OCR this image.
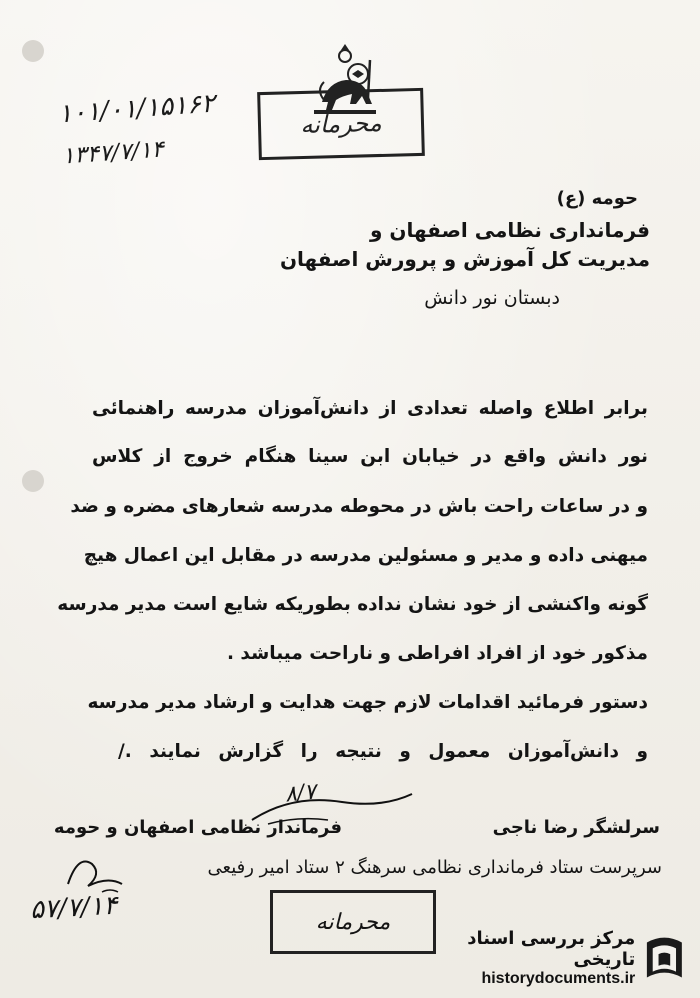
محرمانه
۱۰۱/۰۱/۱۵۱۶۲
۱۳۴۷/۷/۱۴
حومه (ع)
فرمانداری نظامی اصفهان و
مدیریت کل آموزش و پرورش اصفهان
دبستان نور دانش
برابر اطلاع واصله تعدادی از دانش‌آموزان مدرسه راهنمائی
نور دانش واقع در خیابان ابن سینا هنگام خروج از کلاس
و در ساعات راحت باش در محوطه مدرسه شعارهای مضره و ضد
میهنی داده و مدیر و مسئولین مدرسه در مقابل این اعمال هیچ
گونه واکنشی از خود نشان نداده بطوریکه شایع است مدیر مدرسه
مذکور خود از افراد افراطی و ناراحت میباشد .
دستور فرمائید اقدامات لازم جهت هدایت و ارشاد مدیر مدرسه
و دانش‌آموزان معمول و نتیجه را گزارش نمایند ./
۸/۷
فرماندار نظامی اصفهان و حومه	سرلشگر رضا ناجی
سرپرست ستاد فرمانداری نظامی سرهنگ ۲ ستاد امیر رفیعی
۵۷/۷/۱۴	محرمانه
مرکز بررسی اسناد تاریخی
historydocuments.ir
